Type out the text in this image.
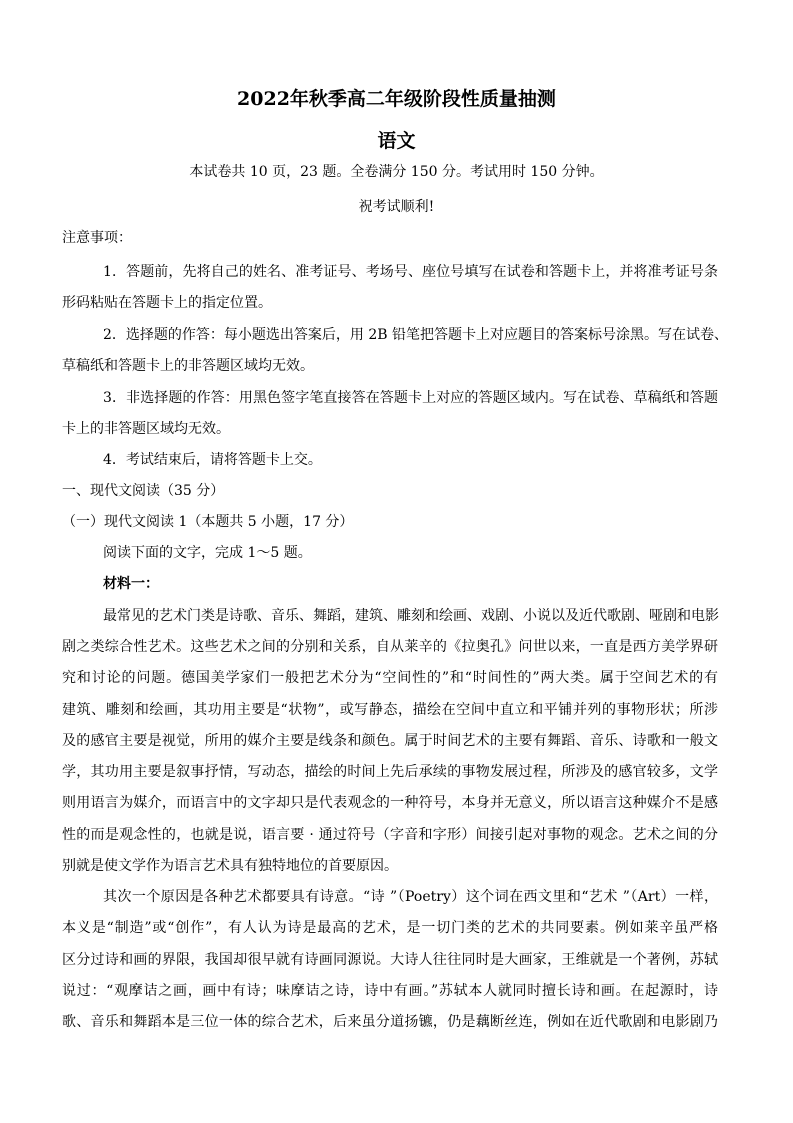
2022年秋季高二年级阶段性质量抽测
语文
本试卷共 10 页，23 题。全卷满分 150 分。考试用时 150 分钟。
祝考试顺利!
注意事项：
1．答题前，先将自己的姓名、准考证号、考场号、座位号填写在试卷和答题卡上，并将准考证号条
形码粘贴在答题卡上的指定位置。
2．选择题的作答：每小题选出答案后，用 2B 铅笔把答题卡上对应题目的答案标号涂黑。写在试卷、
草稿纸和答题卡上的非答题区域均无效。
3．非选择题的作答：用黑色签字笔直接答在答题卡上对应的答题区域内。写在试卷、草稿纸和答题
卡上的非答题区域均无效。
4．考试结束后，请将答题卡上交。
一、现代文阅读（35 分）
（一）现代文阅读 1（本题共 5 小题，17 分）
阅读下面的文字，完成 1～5 题。
材料一：
最常见的艺术门类是诗歌、音乐、舞蹈，建筑、雕刻和绘画、戏剧、小说以及近代歌剧、哑剧和电影
剧之类综合性艺术。这些艺术之间的分别和关系，自从莱辛的《拉奥孔》问世以来，一直是西方美学界研
究和讨论的问题。德国美学家们一般把艺术分为“空间性的”和“时间性的”两大类。属于空间艺术的有
建筑、雕刻和绘画，其功用主要是“状物”，或写静态，描绘在空间中直立和平铺并列的事物形状；所涉
及的感官主要是视觉，所用的媒介主要是线条和颜色。属于时间艺术的主要有舞蹈、音乐、诗歌和一般文
学，其功用主要是叙事抒情，写动态，描绘的时间上先后承续的事物发展过程，所涉及的感官较多，文学
则用语言为媒介，而语言中的文字却只是代表观念的一种符号，本身并无意义，所以语言这种媒介不是感
性的而是观念性的，也就是说，语言要 · 通过符号（字音和字形）间接引起对事物的观念。艺术之间的分
别就是使文学作为语言艺术具有独特地位的首要原因。
其次一个原因是各种艺术都要具有诗意。“诗 ”（Poetry）这个词在西文里和“艺术 ”（Art）一样，
本义是“制造”或“创作”，有人认为诗是最高的艺术，是一切门类的艺术的共同要素。例如莱辛虽严格
区分过诗和画的界限，我国却很早就有诗画同源说。大诗人往往同时是大画家，王维就是一个著例，苏轼
说过：“观摩诘之画，画中有诗；味摩诘之诗，诗中有画。”苏轼本人就同时擅长诗和画。在起源时，诗
歌、音乐和舞蹈本是三位一体的综合艺术，后来虽分道扬镳，仍是藕断丝连，例如在近代歌剧和电影剧乃
